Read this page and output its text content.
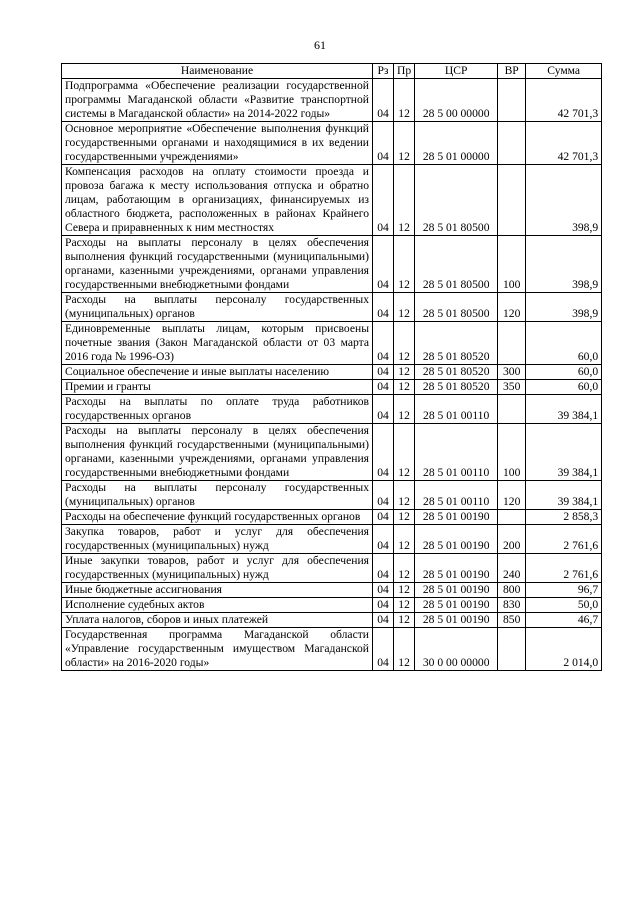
61
Наименование	Рз	Пр	ЦСР	ВР	Сумма
Подпрограмма «Обеспечение реализации государственной программы Магаданской области «Развитие транспортной системы в Магаданской области» на 2014-2022 годы»	04	12	28 5 00 00000		42 701,3
Основное мероприятие «Обеспечение выполнения функций государственными органами и находящимися в их ведении государственными учреждениями»	04	12	28 5 01 00000		42 701,3
Компенсация расходов на оплату стоимости проезда и провоза багажа к месту использования отпуска и обратно лицам, работающим в организациях, финансируемых из областного бюджета, расположенных в районах Крайнего Севера и приравненных к ним местностях	04	12	28 5 01 80500		398,9
Расходы на выплаты персоналу в целях обеспечения выполнения функций государственными (муниципальными) органами, казенными учреждениями, органами управления государственными внебюджетными фондами	04	12	28 5 01 80500	100	398,9
Расходы на выплаты персоналу государственных (муниципальных) органов	04	12	28 5 01 80500	120	398,9
Единовременные выплаты лицам, которым присвоены почетные звания (Закон Магаданской области от 03 марта 2016 года № 1996-ОЗ)	04	12	28 5 01 80520		60,0
Социальное обеспечение и иные выплаты населению	04	12	28 5 01 80520	300	60,0
Премии и гранты	04	12	28 5 01 80520	350	60,0
Расходы на выплаты по оплате труда работников государственных органов	04	12	28 5 01 00110		39 384,1
Расходы на выплаты персоналу в целях обеспечения выполнения функций государственными (муниципальными) органами, казенными учреждениями, органами управления государственными внебюджетными фондами	04	12	28 5 01 00110	100	39 384,1
Расходы на выплаты персоналу государственных (муниципальных) органов	04	12	28 5 01 00110	120	39 384,1
Расходы на обеспечение функций государственных органов	04	12	28 5 01 00190		2 858,3
Закупка товаров, работ и услуг для обеспечения государственных (муниципальных) нужд	04	12	28 5 01 00190	200	2 761,6
Иные закупки товаров, работ и услуг для обеспечения государственных (муниципальных) нужд	04	12	28 5 01 00190	240	2 761,6
Иные бюджетные ассигнования	04	12	28 5 01 00190	800	96,7
Исполнение судебных актов	04	12	28 5 01 00190	830	50,0
Уплата налогов, сборов и иных платежей	04	12	28 5 01 00190	850	46,7
Государственная программа Магаданской области «Управление государственным имуществом Магаданской области» на 2016-2020 годы»	04	12	30 0 00 00000		2 014,0
